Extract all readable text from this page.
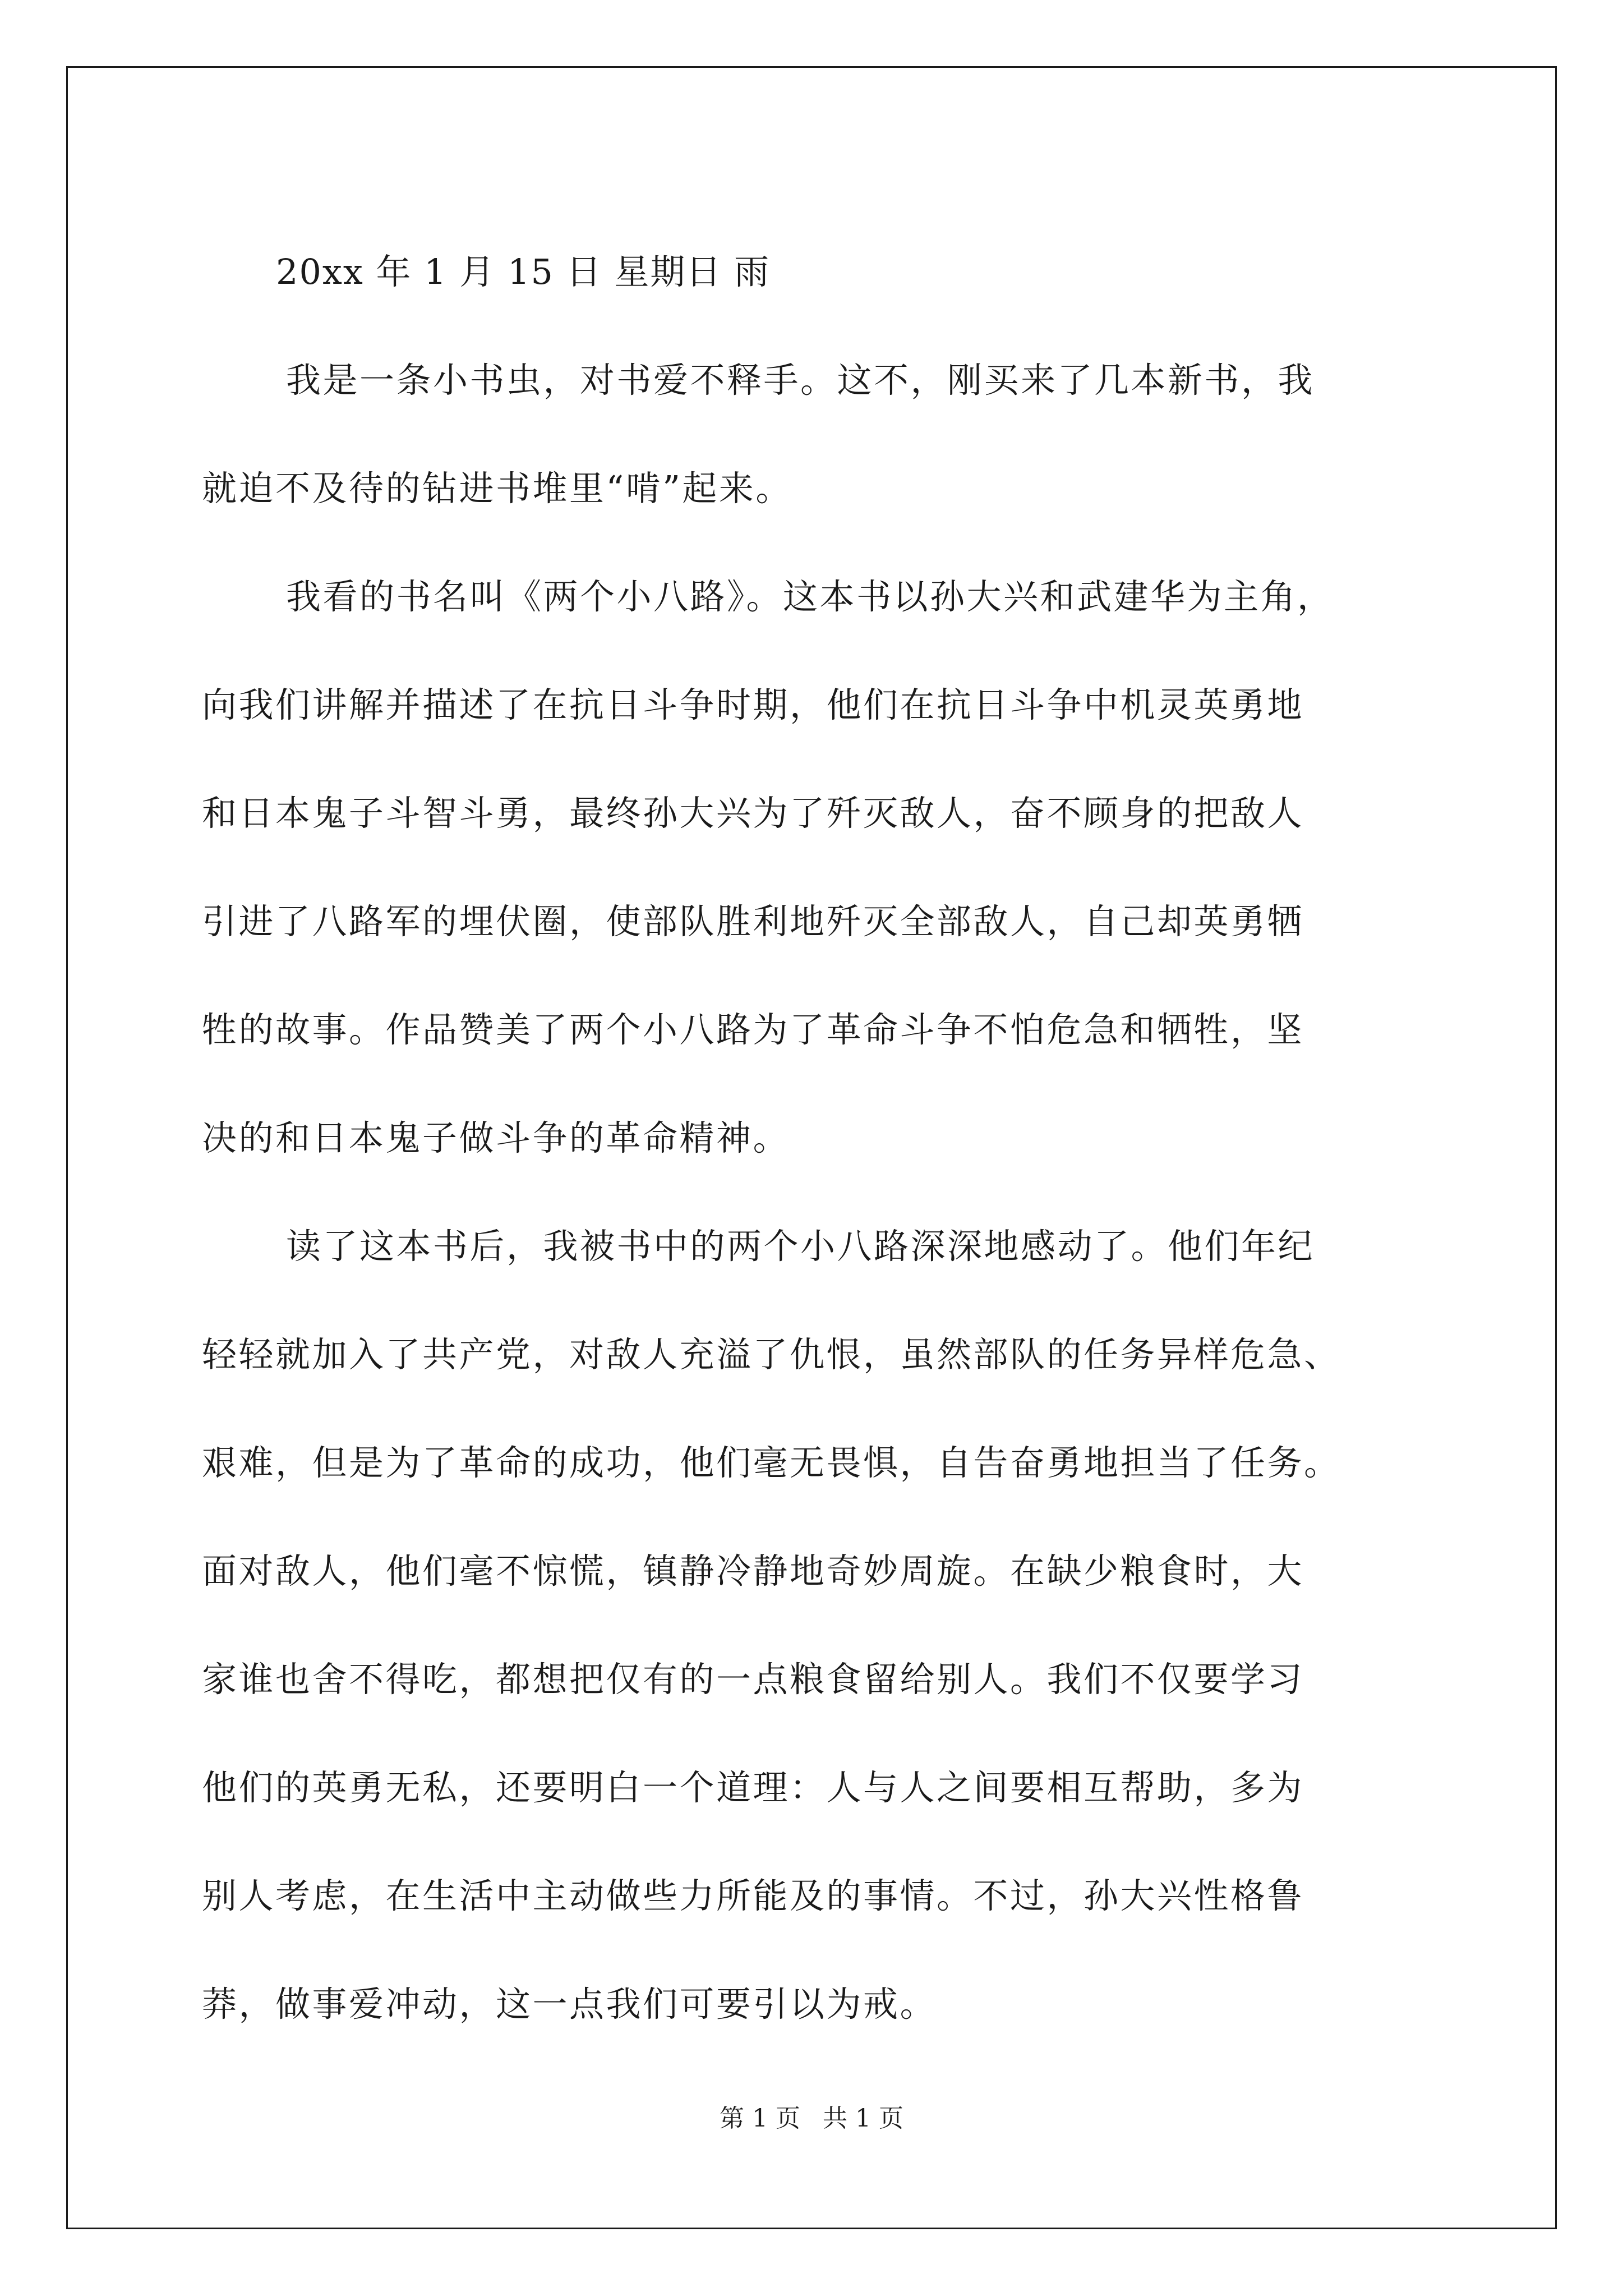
20xx 年 1 月 15 日 星期日 雨
我是一条小书虫，对书爱不释手。这不，刚买来了几本新书，我
就迫不及待的钻进书堆里“啃”起来。
我看的书名叫《两个小八路》。这本书以孙大兴和武建华为主角，
向我们讲解并描述了在抗日斗争时期，他们在抗日斗争中机灵英勇地
和日本鬼子斗智斗勇，最终孙大兴为了歼灭敌人，奋不顾身的把敌人
引进了八路军的埋伏圈，使部队胜利地歼灭全部敌人，自己却英勇牺
牲的故事。作品赞美了两个小八路为了革命斗争不怕危急和牺牲，坚
决的和日本鬼子做斗争的革命精神。
读了这本书后，我被书中的两个小八路深深地感动了。他们年纪
轻轻就加入了共产党，对敌人充溢了仇恨，虽然部队的任务异样危急、
艰难，但是为了革命的成功，他们毫无畏惧，自告奋勇地担当了任务。
面对敌人，他们毫不惊慌，镇静冷静地奇妙周旋。在缺少粮食时，大
家谁也舍不得吃，都想把仅有的一点粮食留给别人。我们不仅要学习
他们的英勇无私，还要明白一个道理：人与人之间要相互帮助，多为
别人考虑，在生活中主动做些力所能及的事情。不过，孙大兴性格鲁
莽，做事爱冲动，这一点我们可要引以为戒。
第 1 页 共 1 页
